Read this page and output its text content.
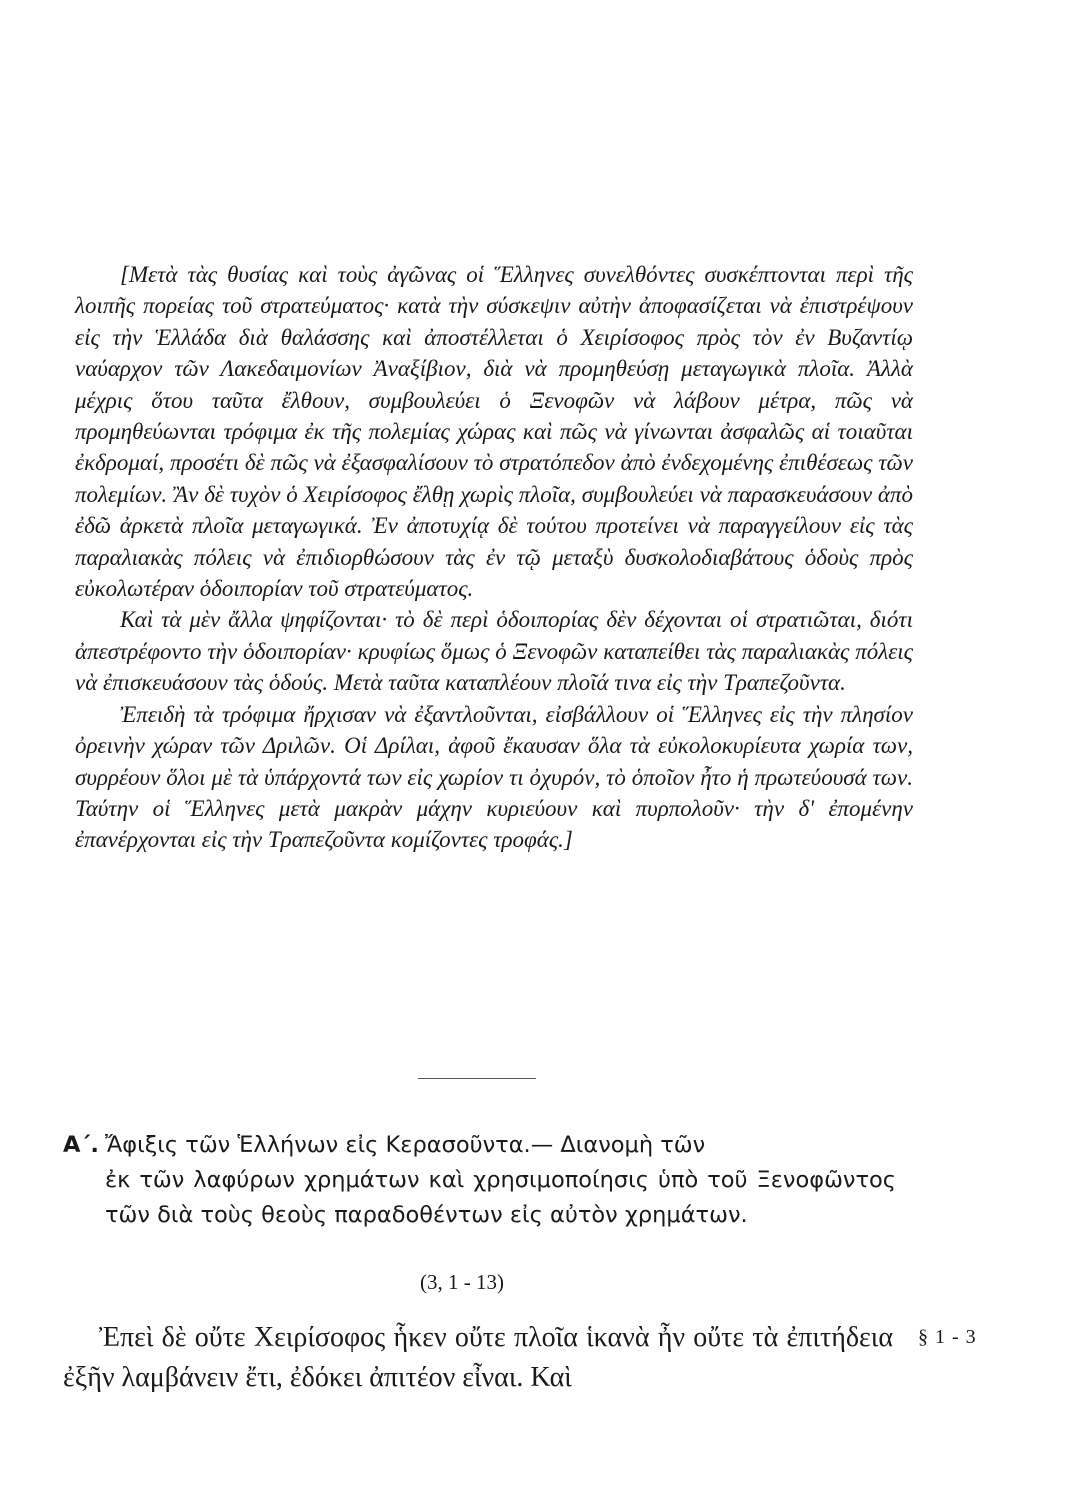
[Μετὰ τὰς θυσίας καὶ τοὺς ἀγῶνας οἱ Ἕλληνες συνελθόντες συσκέπτονται περὶ τῆς λοιπῆς πορείας τοῦ στρατεύματος· κατὰ τὴν σύσκεψιν αὐτὴν ἀποφασίζεται νὰ ἐπιστρέψουν εἰς τὴν Ἑλλάδα διὰ θαλάσσης καὶ ἀποστέλλεται ὁ Χειρίσοφος πρὸς τὸν ἐν Βυζαντίῳ ναύαρχον τῶν Λακεδαιμονίων Ἀναξίβιον, διὰ νὰ προμηθεύσῃ μεταγωγικὰ πλοῖα. Ἀλλὰ μέχρις ὅτου ταῦτα ἔλθουν, συμβουλεύει ὁ Ξενοφῶν νὰ λάβουν μέτρα, πῶς νὰ προμηθεύωνται τρόφιμα ἐκ τῆς πολεμίας χώρας καὶ πῶς νὰ γίνωνται ἀσφαλῶς αἱ τοιαῦται ἐκδρομαί, προσέτι δὲ πῶς νὰ ἐξασφαλίσουν τὸ στρατόπεδον ἀπὸ ἐνδεχομένης ἐπιθέσεως τῶν πολεμίων. Ἂν δὲ τυχὸν ὁ Χειρίσοφος ἔλθῃ χωρὶς πλοῖα, συμβουλεύει νὰ παρασκευάσουν ἀπὸ ἐδῶ ἀρκετὰ πλοῖα μεταγωγικά. Ἐν ἀποτυχίᾳ δὲ τούτου προτείνει νὰ παραγγείλουν εἰς τὰς παραλιακὰς πόλεις νὰ ἐπιδιορθώσουν τὰς ἐν τῷ μεταξὺ δυσκολοδιαβάτους ὁδοὺς πρὸς εὐκολωτέραν ὁδοιπορίαν τοῦ στρατεύματος.

Καὶ τὰ μὲν ἄλλα ψηφίζονται· τὸ δὲ περὶ ὁδοιπορίας δὲν δέχονται οἱ στρατιῶται, διότι ἀπεστρέφοντο τὴν ὁδοιπορίαν· κρυφίως ὅμως ὁ Ξενοφῶν καταπείθει τὰς παραλιακὰς πόλεις νὰ ἐπισκευάσουν τὰς ὁδούς. Μετὰ ταῦτα καταπλέουν πλοῖά τινα εἰς τὴν Τραπεζοῦντα.

Ἐπειδὴ τὰ τρόφιμα ἤρχισαν νὰ ἐξαντλοῦνται, εἰσβάλλουν οἱ Ἕλληνες εἰς τὴν πλησίον ὀρεινὴν χώραν τῶν Δριλῶν. Οἱ Δρίλαι, ἀφοῦ ἔκαυσαν ὅλα τὰ εὐκολοκυρίευτα χωρία των, συρρέουν ὅλοι μὲ τὰ ὑπάρχοντά των εἰς χωρίον τι ὀχυρόν, τὸ ὁποῖον ἦτο ἡ πρωτεύουσά των. Ταύτην οἱ Ἕλληνες μετὰ μακρὰν μάχην κυριεύουν καὶ πυρπολοῦν· τὴν δ' ἐπομένην ἐπανέρχονται εἰς τὴν Τραπεζοῦντα κομίζοντες τροφάς.]

Α΄. Ἄφιξις τῶν Ἑλλήνων εἰς Κερασοῦντα.— Διανομὴ τῶν
ἐκ τῶν λαφύρων χρημάτων καὶ χρησιμοποίησις ὑπὸ τοῦ Ξενοφῶντος τῶν διὰ τοὺς θεοὺς παραδοθέντων εἰς αὐτὸν χρημάτων.
(3, 1 - 13)

Ἐπεὶ δὲ οὔτε Χειρίσοφος ἧκεν οὔτε πλοῖα ἱκανὰ ἦν οὔτε τὰ ἐπιτήδεια ἐξῆν λαμβάνειν ἔτι, ἐδόκει ἀπιτέον εἶναι. Καὶ

§ 1 - 3
